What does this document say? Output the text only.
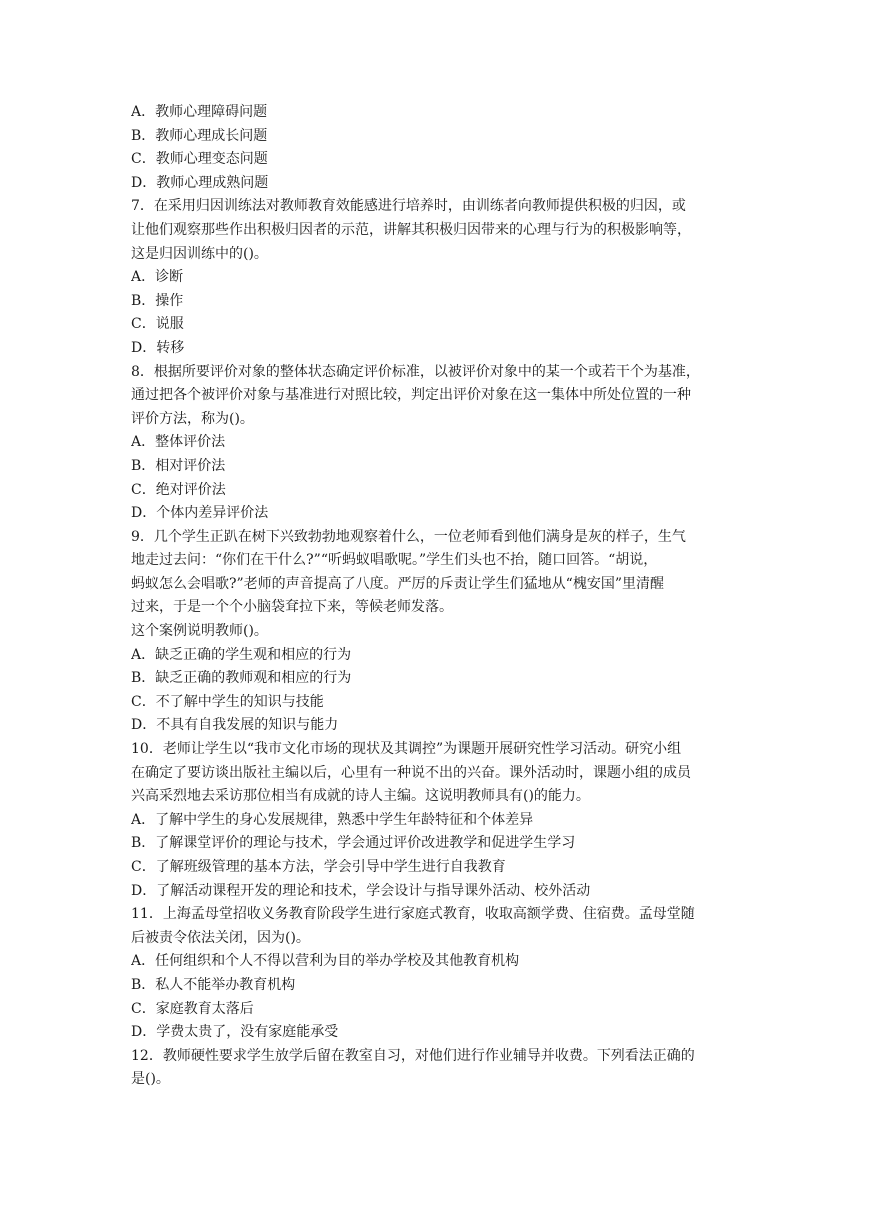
A．教师心理障碍问题
B．教师心理成长问题
C．教师心理变态问题
D．教师心理成熟问题
7．在采用归因训练法对教师教育效能感进行培养时，由训练者向教师提供积极的归因，或
让他们观察那些作出积极归因者的示范，讲解其积极归因带来的心理与行为的积极影响等，
这是归因训练中的()。
A．诊断
B．操作
C．说服
D．转移
8．根据所要评价对象的整体状态确定评价标准，以被评价对象中的某一个或若干个为基准，
通过把各个被评价对象与基准进行对照比较，判定出评价对象在这一集体中所处位置的一种
评价方法，称为()。
A．整体评价法
B．相对评价法
C．绝对评价法
D．个体内差异评价法
9．几个学生正趴在树下兴致勃勃地观察着什么，一位老师看到他们满身是灰的样子，生气
地走过去问：“你们在干什么?”“听蚂蚁唱歌呢。”学生们头也不抬，随口回答。“胡说，
蚂蚁怎么会唱歌?”老师的声音提高了八度。严厉的斥责让学生们猛地从“槐安国”里清醒
过来，于是一个个小脑袋耷拉下来，等候老师发落。
这个案例说明教师()。
A．缺乏正确的学生观和相应的行为
B．缺乏正确的教师观和相应的行为
C．不了解中学生的知识与技能
D．不具有自我发展的知识与能力
10．老师让学生以“我市文化市场的现状及其调控”为课题开展研究性学习活动。研究小组
在确定了要访谈出版社主编以后，心里有一种说不出的兴奋。课外活动时，课题小组的成员
兴高采烈地去采访那位相当有成就的诗人主编。这说明教师具有()的能力。
A．了解中学生的身心发展规律，熟悉中学生年龄特征和个体差异
B．了解课堂评价的理论与技术，学会通过评价改进教学和促进学生学习
C．了解班级管理的基本方法，学会引导中学生进行自我教育
D．了解活动课程开发的理论和技术，学会设计与指导课外活动、校外活动
11．上海孟母堂招收义务教育阶段学生进行家庭式教育，收取高额学费、住宿费。孟母堂随
后被责令依法关闭，因为()。
A．任何组织和个人不得以营利为目的举办学校及其他教育机构
B．私人不能举办教育机构
C．家庭教育太落后
D．学费太贵了，没有家庭能承受
12．教师硬性要求学生放学后留在教室自习，对他们进行作业辅导并收费。下列看法正确的
是()。
